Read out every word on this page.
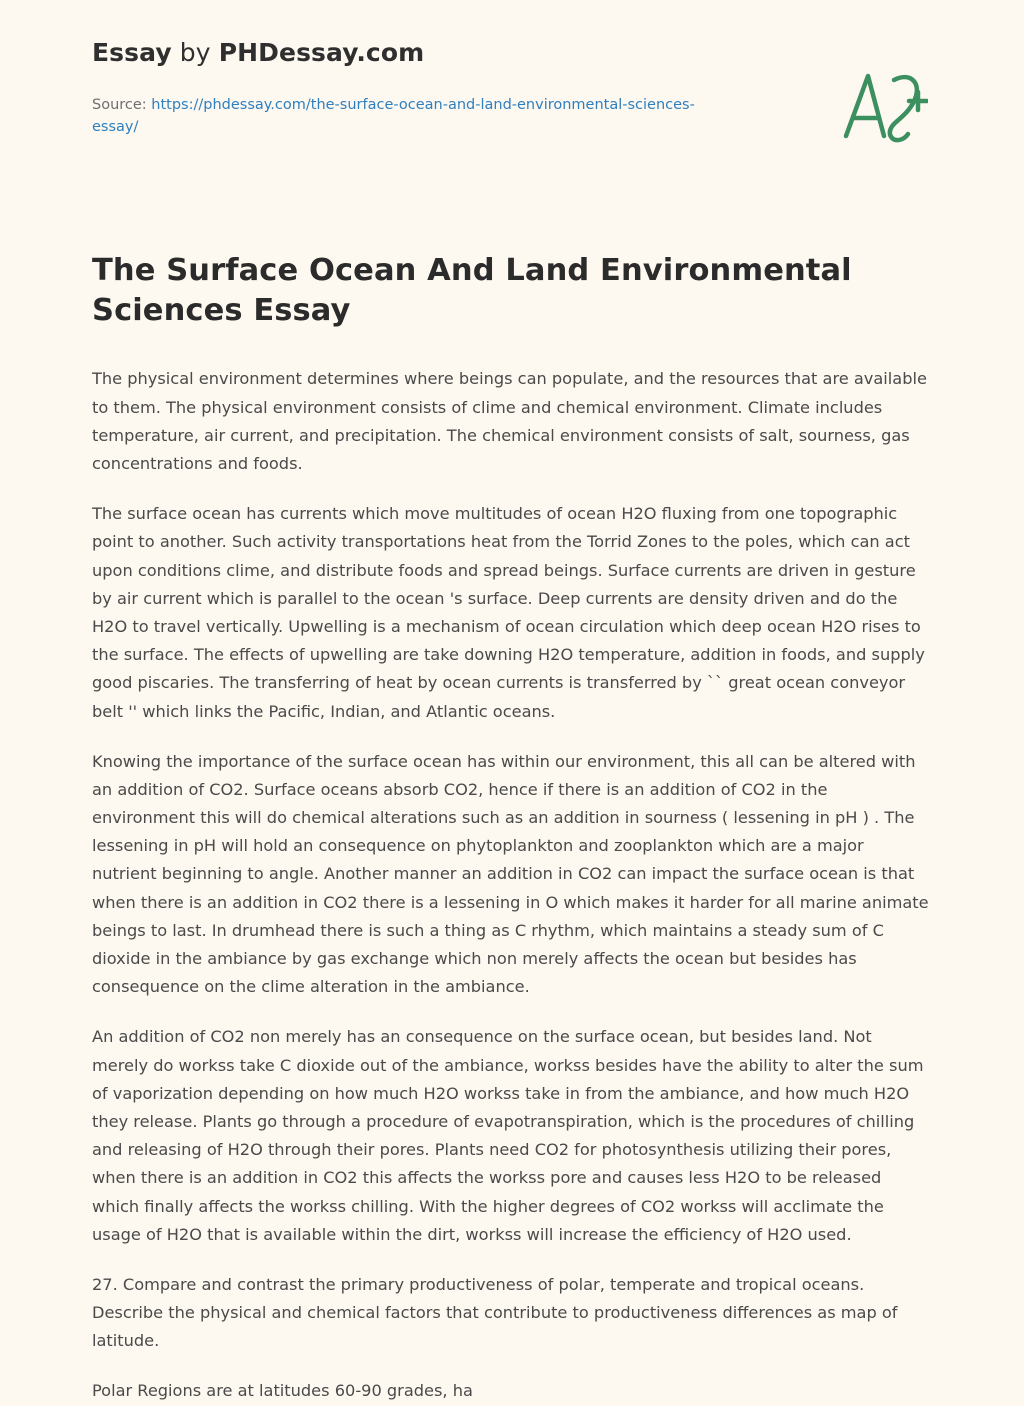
Essay by PHDessay.com
Source: https://phdessay.com/the-surface-ocean-and-land-environmental-sciences-essay/
The Surface Ocean And Land Environmental Sciences Essay

The physical environment determines where beings can populate, and the resources that are available to them. The physical environment consists of clime and chemical environment. Climate includes temperature, air current, and precipitation. The chemical environment consists of salt, sourness, gas concentrations and foods.

The surface ocean has currents which move multitudes of ocean H2O fluxing from one topographic point to another. Such activity transportations heat from the Torrid Zones to the poles, which can act upon conditions clime, and distribute foods and spread beings. Surface currents are driven in gesture by air current which is parallel to the ocean 's surface. Deep currents are density driven and do the H2O to travel vertically. Upwelling is a mechanism of ocean circulation which deep ocean H2O rises to the surface. The effects of upwelling are take downing H2O temperature, addition in foods, and supply good piscaries. The transferring of heat by ocean currents is transferred by `` great ocean conveyor belt '' which links the Pacific, Indian, and Atlantic oceans.

Knowing the importance of the surface ocean has within our environment, this all can be altered with an addition of CO2. Surface oceans absorb CO2, hence if there is an addition of CO2 in the environment this will do chemical alterations such as an addition in sourness ( lessening in pH ) . The lessening in pH will hold an consequence on phytoplankton and zooplankton which are a major nutrient beginning to angle. Another manner an addition in CO2 can impact the surface ocean is that when there is an addition in CO2 there is a lessening in O which makes it harder for all marine animate beings to last. In drumhead there is such a thing as C rhythm, which maintains a steady sum of C dioxide in the ambiance by gas exchange which non merely affects the ocean but besides has consequence on the clime alteration in the ambiance.

An addition of CO2 non merely has an consequence on the surface ocean, but besides land. Not merely do workss take C dioxide out of the ambiance, workss besides have the ability to alter the sum of vaporization depending on how much H2O workss take in from the ambiance, and how much H2O they release. Plants go through a procedure of evapotranspiration, which is the procedures of chilling and releasing of H2O through their pores. Plants need CO2 for photosynthesis utilizing their pores, when there is an addition in CO2 this affects the workss pore and causes less H2O to be released which finally affects the workss chilling. With the higher degrees of CO2 workss will acclimate the usage of H2O that is available within the dirt, workss will increase the efficiency of H2O used.

27. Compare and contrast the primary productiveness of polar, temperate and tropical oceans. Describe the physical and chemical factors that contribute to productiveness differences as map of latitude.

Polar Regions are at latitudes 60-90 grades, ha
